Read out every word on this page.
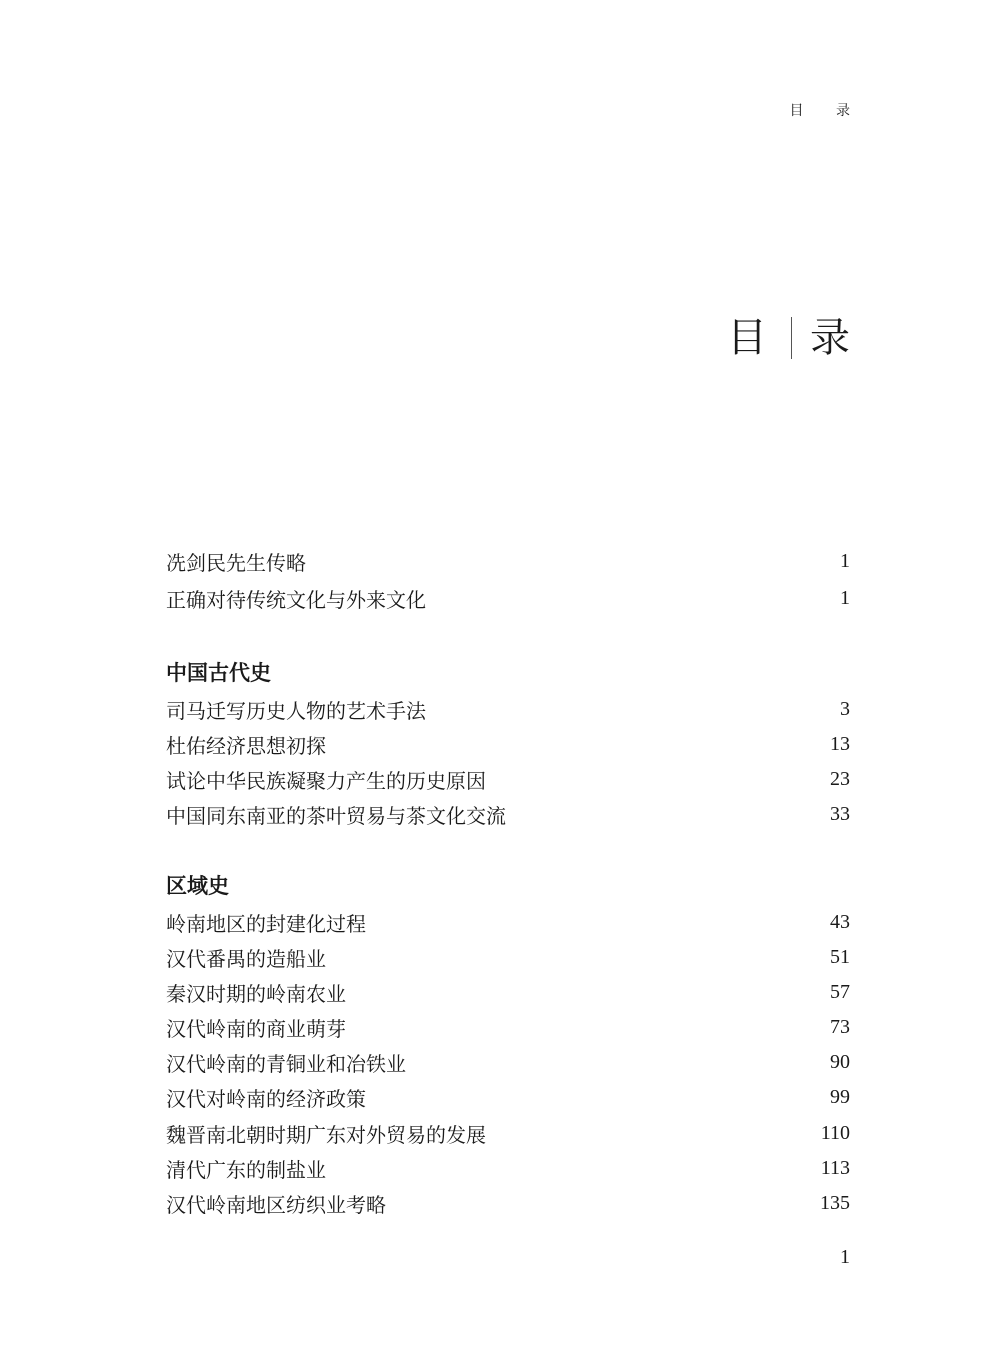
目 录
目 录
冼剑民先生传略	1
正确对待传统文化与外来文化	1
中国古代史
司马迁写历史人物的艺术手法	3
杜佑经济思想初探	13
试论中华民族凝聚力产生的历史原因	23
中国同东南亚的茶叶贸易与茶文化交流	33
区域史
岭南地区的封建化过程	43
汉代番禺的造船业	51
秦汉时期的岭南农业	57
汉代岭南的商业萌芽	73
汉代岭南的青铜业和冶铁业	90
汉代对岭南的经济政策	99
魏晋南北朝时期广东对外贸易的发展	110
清代广东的制盐业	113
汉代岭南地区纺织业考略	135
1
